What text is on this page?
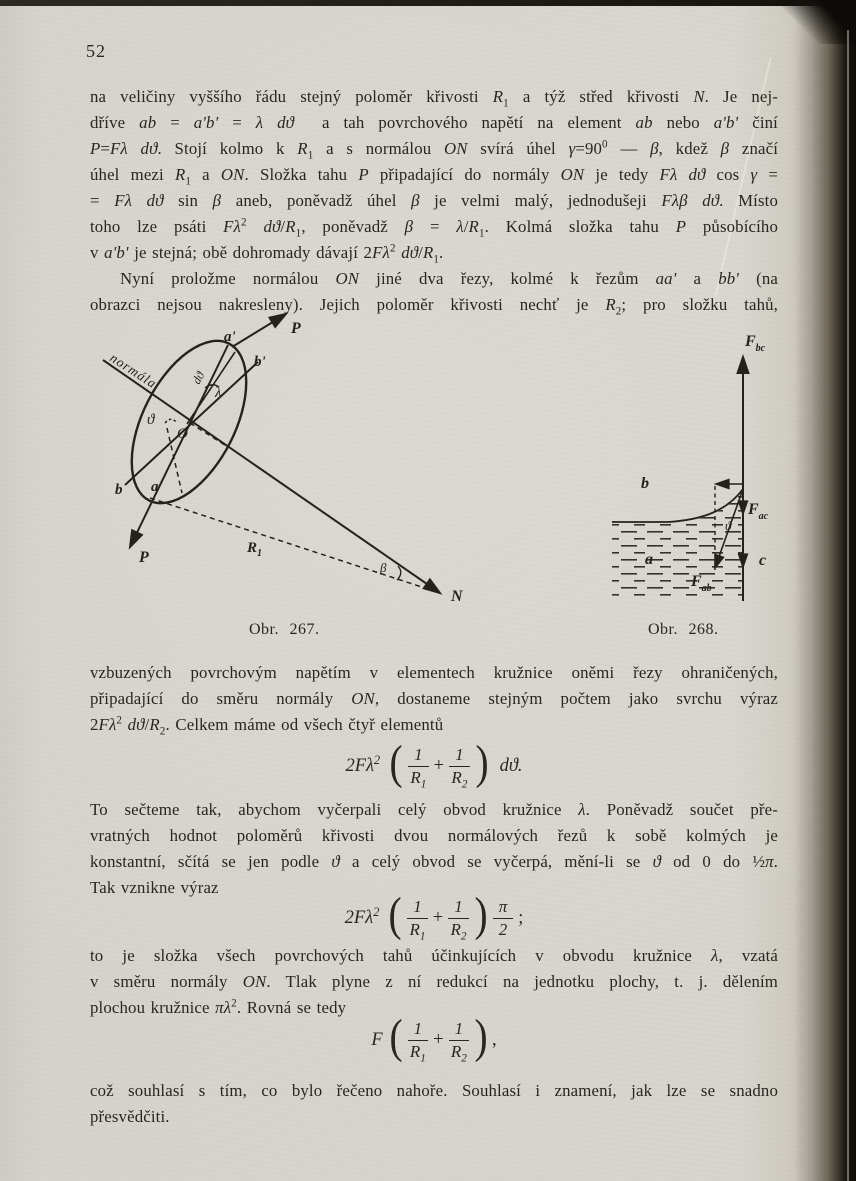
52
na veličiny vyššího řádu stejný poloměr křivosti $R_1$ a týž střed křivosti N. Je nej-
dříve ab = a'b' = λ dϑ  a tah povrchového napětí na element ab nebo a'b' činí
P=Fλ dϑ. Stojí kolmo k $R_1$ a s normálou ON svírá úhel $\gamma=90^0$ — β, kdež β značí
úhel mezi $R_1$ a ON. Složka tahu P připadající do normály ON je tedy Fλ dϑ cos γ =
= Fλ dϑ sin β aneb, poněvadž úhel β je velmi malý, jednodušeji Fλβ dϑ. Místo
toho lze psáti $F\lambda^2$ $dϑ/R_1$, poněvadž $\beta = \lambda/R_1$. Kolmá složka tahu P působícího
v a'b' je stejná; obě dohromady dávají $2F\lambda^2$ $dϑ/R_1$.
Nyní proložme normálou ON jiné dva řezy, kolmé k řezům aa' a bb' (na
obrazci nejsou nakresleny). Jejich poloměr křivosti nechť je $R_2$; pro složku tahů,
normála
P
P
a'
b'
a
b
ϑ
O
dϑ
λ
$R_1$
β
N
$F_{bc}$
$F_{ac}$
$F_{ab}$
b
a	c
ϑ
Obr. 267.	Obr. 268.
vzbuzených povrchovým napětím v elementech kružnice oněmi řezy ohraničených,
připadající do směru normály ON, dostaneme stejným počtem jako svrchu výraz
$2F\lambda^2$ $dϑ/R_2$. Celkem máme od všech čtyř elementů
$2F\lambda^2$ ( $\frac{1}{R_1} + \frac{1}{R_2}$ ) dϑ.
To sečteme tak, abychom vyčerpali celý obvod kružnice λ. Poněvadž součet pře-
vratných hodnot poloměrů křivosti dvou normálových řezů k sobě kolmých je
konstantní, sčítá se jen podle ϑ a celý obvod se vyčerpá, mění-li se ϑ od 0 do ½π.
Tak vznikne výraz
$2F\lambda^2$ ( $\frac{1}{R_1} + \frac{1}{R_2}$ ) $\frac{\pi}{2}$ ;
to je složka všech povrchových tahů účinkujících v obvodu kružnice λ, vzatá
v směru normály ON. Tlak plyne z ní redukcí na jednotku plochy, t. j. dělením
plochou kružnice $\pi\lambda^2$. Rovná se tedy
F ( $\frac{1}{R_1} + \frac{1}{R_2}$ ) ,
což souhlasí s tím, co bylo řečeno nahoře. Souhlasí i znamení, jak lze se snadno
přesvědčiti.
